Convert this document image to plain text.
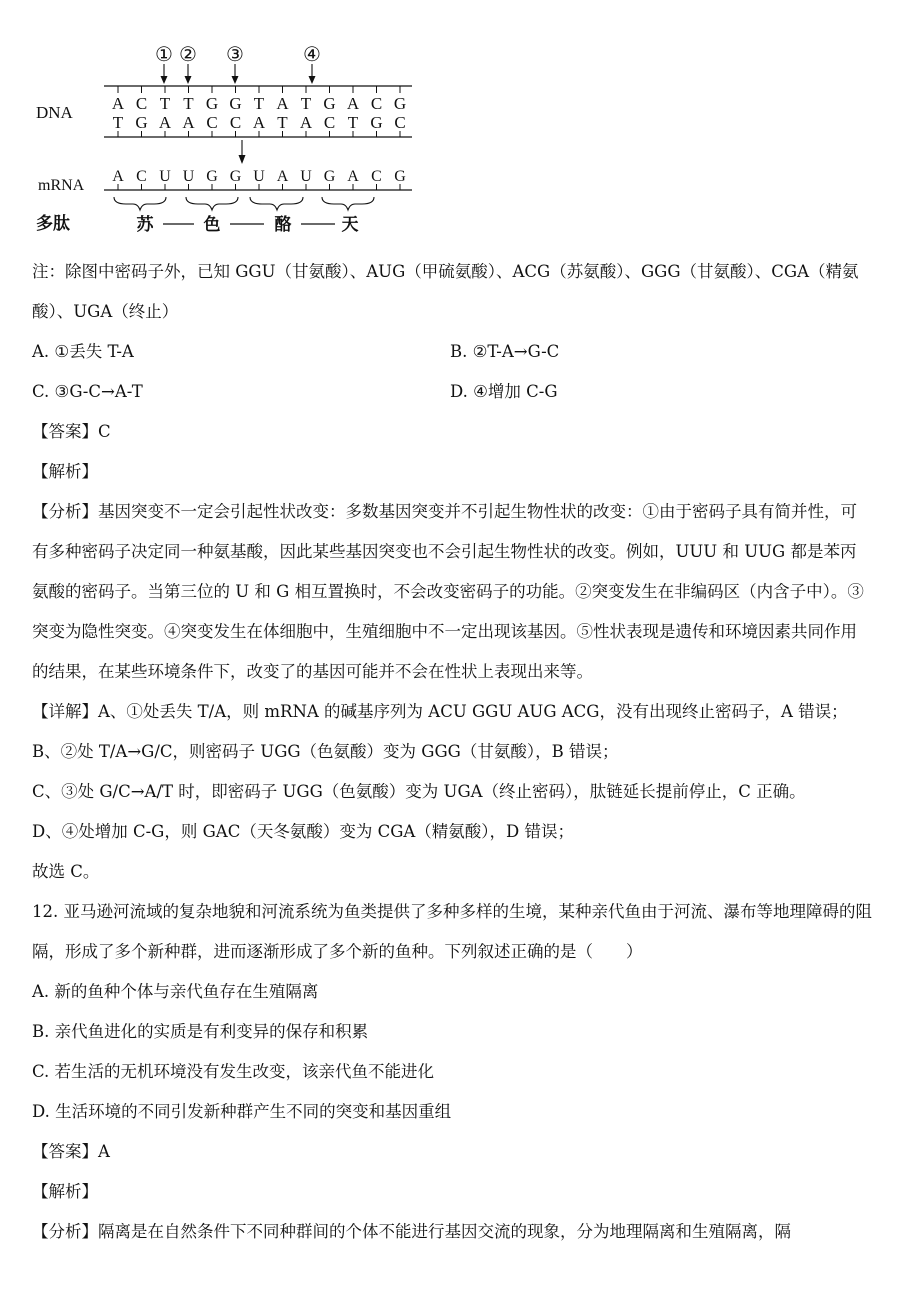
DNA
mRNA
多肽
A C T T G G T A T G A C G
T G A A C C A T A C T G C
① ② ③	④
A C U U G G U A U G A C G
苏	色	酪	天
注：除图中密码子外，已知 GGU（甘氨酸）、AUG（甲硫氨酸）、ACG（苏氨酸）、GGG（甘氨酸）、CGA（精氨酸）、UGA（终止）
A. ①丢失 T-A	B. ②T-A→G-C
C. ③G-C→A-T	D. ④增加 C-G
【答案】C
【解析】
【分析】基因突变不一定会引起性状改变：多数基因突变并不引起生物性状的改变：①由于密码子具有简并性，可有多种密码子决定同一种氨基酸，因此某些基因突变也不会引起生物性状的改变。例如，UUU 和 UUG 都是苯丙氨酸的密码子。当第三位的 U 和 G 相互置换时，不会改变密码子的功能。②突变发生在非编码区（内含子中）。③突变为隐性突变。④突变发生在体细胞中，生殖细胞中不一定出现该基因。⑤性状表现是遗传和环境因素共同作用的结果，在某些环境条件下，改变了的基因可能并不会在性状上表现出来等。
【详解】A、①处丢失 T/A，则 mRNA 的碱基序列为 ACU GGU AUG ACG，没有出现终止密码子，A 错误；
B、②处 T/A→G/C，则密码子 UGG（色氨酸）变为 GGG（甘氨酸），B 错误；
C、③处 G/C→A/T 时，即密码子 UGG（色氨酸）变为 UGA（终止密码），肽链延长提前停止，C 正确。
D、④处增加 C-G，则 GAC（天冬氨酸）变为 CGA（精氨酸），D 错误；
故选 C。
12. 亚马逊河流域的复杂地貌和河流系统为鱼类提供了多种多样的生境，某种亲代鱼由于河流、瀑布等地理障碍的阻隔，形成了多个新种群，进而逐渐形成了多个新的鱼种。下列叙述正确的是（　　）
A. 新的鱼种个体与亲代鱼存在生殖隔离
B. 亲代鱼进化的实质是有利变异的保存和积累
C. 若生活的无机环境没有发生改变，该亲代鱼不能进化
D. 生活环境的不同引发新种群产生不同的突变和基因重组
【答案】A
【解析】
【分析】隔离是在自然条件下不同种群间的个体不能进行基因交流的现象，分为地理隔离和生殖隔离，隔
